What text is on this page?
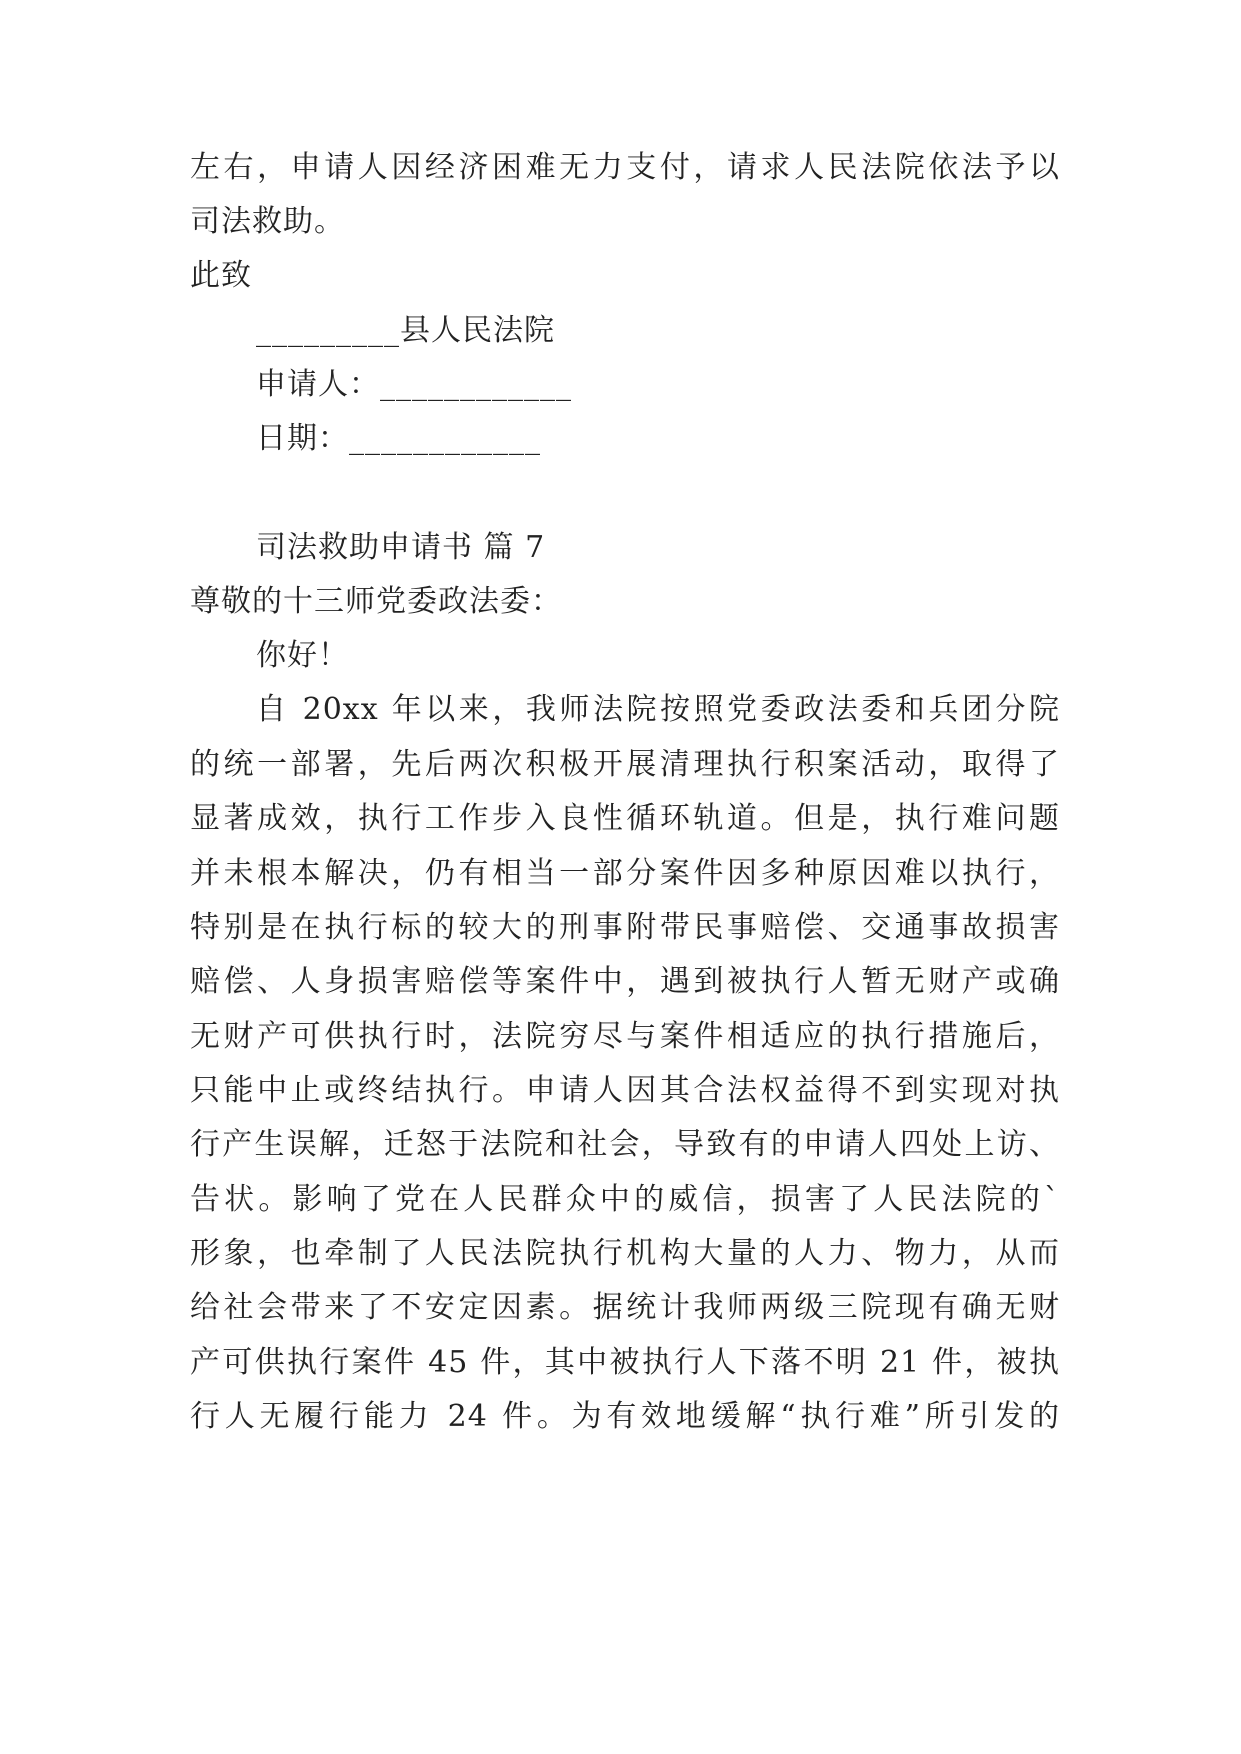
左右，申请人因经济困难无力支付，请求人民法院依法予以
司法救助。
此致
_________县人民法院
申请人：____________
日期：____________
司法救助申请书 篇 7
尊敬的十三师党委政法委：
你好！
自 20xx 年以来，我师法院按照党委政法委和兵团分院
的统一部署，先后两次积极开展清理执行积案活动，取得了
显著成效，执行工作步入良性循环轨道。但是，执行难问题
并未根本解决，仍有相当一部分案件因多种原因难以执行，
特别是在执行标的较大的刑事附带民事赔偿、交通事故损害
赔偿、人身损害赔偿等案件中，遇到被执行人暂无财产或确
无财产可供执行时，法院穷尽与案件相适应的执行措施后，
只能中止或终结执行。申请人因其合法权益得不到实现对执
行产生误解，迁怒于法院和社会，导致有的申请人四处上访、
告状。影响了党在人民群众中的威信，损害了人民法院的`
形象，也牵制了人民法院执行机构大量的人力、物力，从而
给社会带来了不安定因素。据统计我师两级三院现有确无财
产可供执行案件 45 件，其中被执行人下落不明 21 件，被执
行人无履行能力 24 件。为有效地缓解“执行难”所引发的
